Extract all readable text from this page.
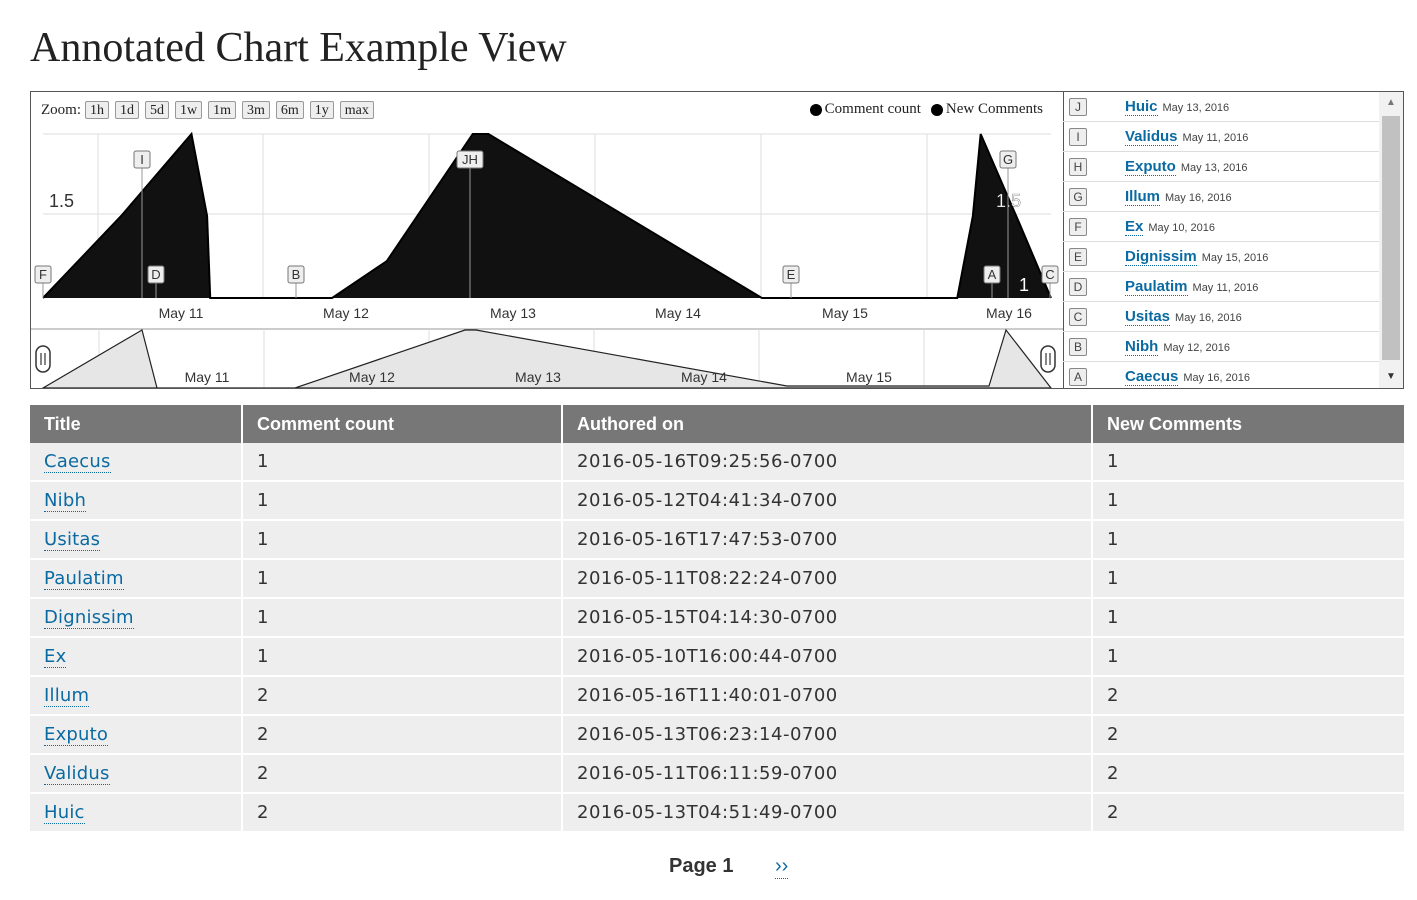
Annotated Chart Example View
May 11	May 12	May 13	May 14	May 15	May 16
1.5	1.5
1
F
I
D	B
JH
E	A
G
C
May 11	May 12	May 13	May 14	May 15
Zoom: 1h	1d	5d	1w	1m	3m	6m	1y	max	Comment count New Comments	▲
▼
J	Huic May 13, 2016
I	Validus May 11, 2016
H	Exputo May 13, 2016
G	Illum May 16, 2016
F	Ex May 10, 2016
E	Dignissim May 15, 2016
D	Paulatim May 11, 2016
C	Usitas May 16, 2016
B	Nibh May 12, 2016
A	Caecus May 16, 2016
Title	Comment count	Authored on	New Comments
Caecus	1	2016-05-16T09:25:56-0700	1
Nibh	1	2016-05-12T04:41:34-0700	1
Usitas	1	2016-05-16T17:47:53-0700	1
Paulatim	1	2016-05-11T08:22:24-0700	1
Dignissim	1	2016-05-15T04:14:30-0700	1
Ex	1	2016-05-10T16:00:44-0700	1
Illum	2	2016-05-16T11:40:01-0700	2
Exputo	2	2016-05-13T06:23:14-0700	2
Validus	2	2016-05-11T06:11:59-0700	2
Huic	2	2016-05-13T04:51:49-0700	2
Page 1 ››
